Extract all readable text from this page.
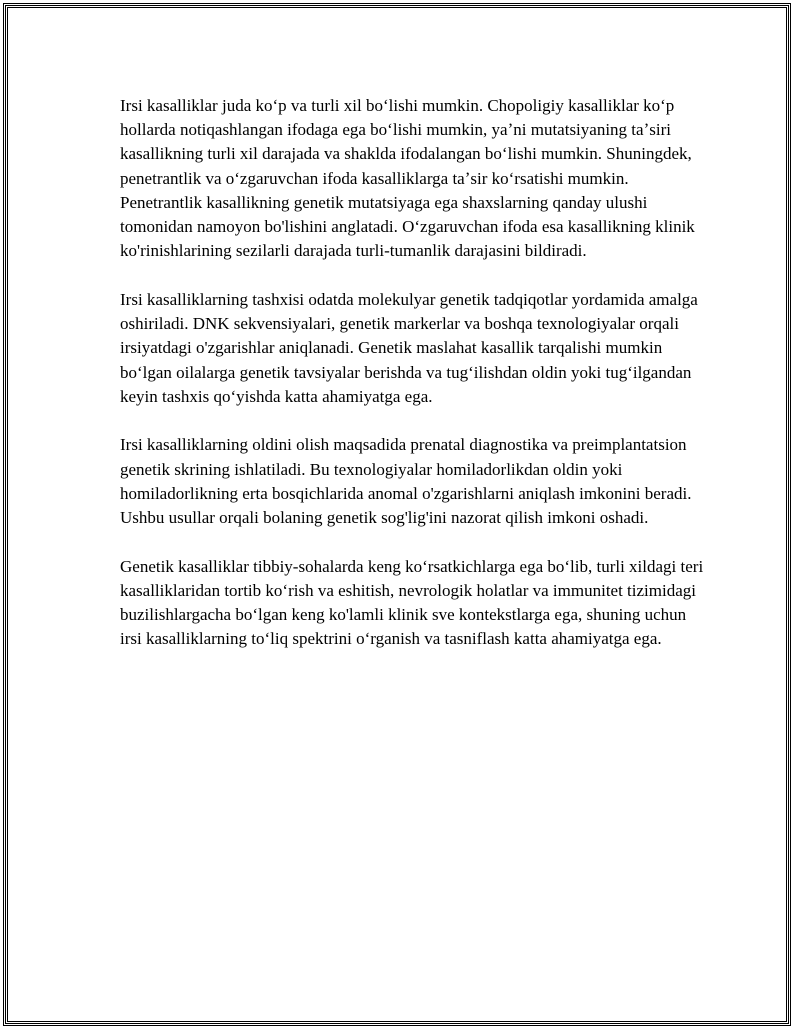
Irsi kasalliklar juda koʻp va turli xil boʻlishi mumkin. Chopoligiy kasalliklar koʻp hollarda notiqashlangan ifodaga ega boʻlishi mumkin, yaʼni mutatsiyaning taʼsiri kasallikning turli xil darajada va shaklda ifodalangan boʻlishi mumkin. Shuningdek, penetrantlik va oʻzgaruvchan ifoda kasalliklarga taʼsir koʻrsatishi mumkin. Penetrantlik kasallikning genetik mutatsiyaga ega shaxslarning qanday ulushi tomonidan namoyon bo'lishini anglatadi. Oʻzgaruvchan ifoda esa kasallikning klinik ko'rinishlarining sezilarli darajada turli-tumanlik darajasini bildiradi.

Irsi kasalliklarning tashxisi odatda molekulyar genetik tadqiqotlar yordamida amalga oshiriladi. DNK sekvensiyalari, genetik markerlar va boshqa texnologiyalar orqali irsiyatdagi o'zgarishlar aniqlanadi. Genetik maslahat kasallik tarqalishi mumkin boʻlgan oilalarga genetik tavsiyalar berishda va tugʻilishdan oldin yoki tugʻilgandan keyin tashxis qoʻyishda katta ahamiyatga ega.

Irsi kasalliklarning oldini olish maqsadida prenatal diagnostika va preimplantatsion genetik skrining ishlatiladi. Bu texnologiyalar homiladorlikdan oldin yoki homiladorlikning erta bosqichlarida anomal o'zgarishlarni aniqlash imkonini beradi. Ushbu usullar orqali bolaning genetik sog'lig'ini nazorat qilish imkoni oshadi.

Genetik kasalliklar tibbiy-sohalarda keng koʻrsatkichlarga ega boʻlib, turli xildagi teri kasalliklaridan tortib koʻrish va eshitish, nevrologik holatlar va immunitet tizimidagi buzilishlargacha boʻlgan keng ko'lamli klinik sve kontekstlarga ega, shuning uchun irsi kasalliklarning toʻliq spektrini oʻrganish va tasniflash katta ahamiyatga ega.
